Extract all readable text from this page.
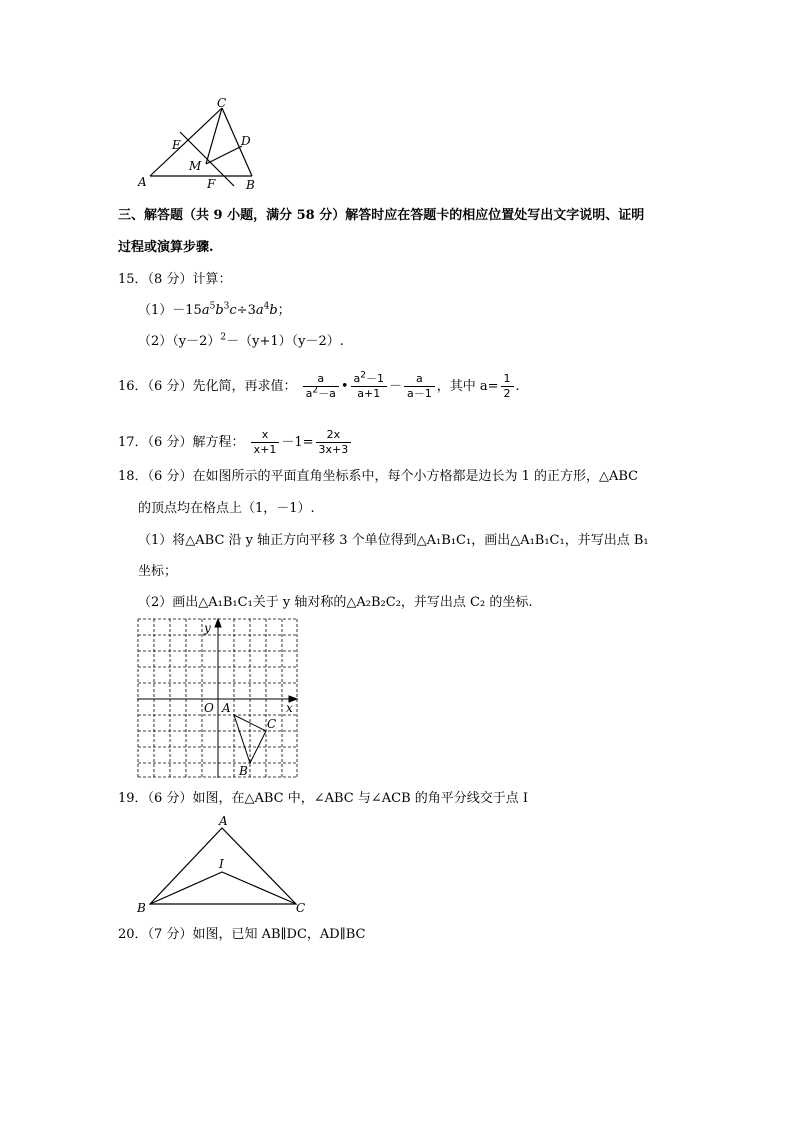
C
E	D
M
A	F	B
三、解答题（共 9 小题，满分 58 分）解答时应在答题卡的相应位置处写出文字说明、证明
过程或演算步骤.
15．（8 分）计算：
$(1)-15a^5b^3c\div 3a^4b$；
$(2)(y-2)^2-(y+1)(y-2)$.
16．（6 分）先化简，再求值： $\frac{a}{a^2-a}$ • $\frac{a^2-1}{a+1} - \frac{a}{a-1}$ ，其中 $a= \frac{1}{2}$ .
17．（6 分）解方程： $\frac{x}{x+1} -1= \frac{2x}{3x+3}$
18．（6 分）在如图所示的平面直角坐标系中，每个小方格都是边长为 1 的正方形，△ABC
的顶点均在格点上（1，－1）.
（1）将△ABC 沿 y 轴正方向平移 3 个单位得到△A₁B₁C₁，画出△A₁B₁C₁，并写出点 B₁
坐标；
（2）画出△A₁B₁C₁关于 y 轴对称的△A₂B₂C₂，并写出点 C₂ 的坐标.
y
O A	x
C
B
19．（6 分）如图，在△ABC 中，∠ABC 与∠ACB 的角平分线交于点 I
A
I
B	C
20．（7 分）如图，已知 AB∥DC，AD∥BC
